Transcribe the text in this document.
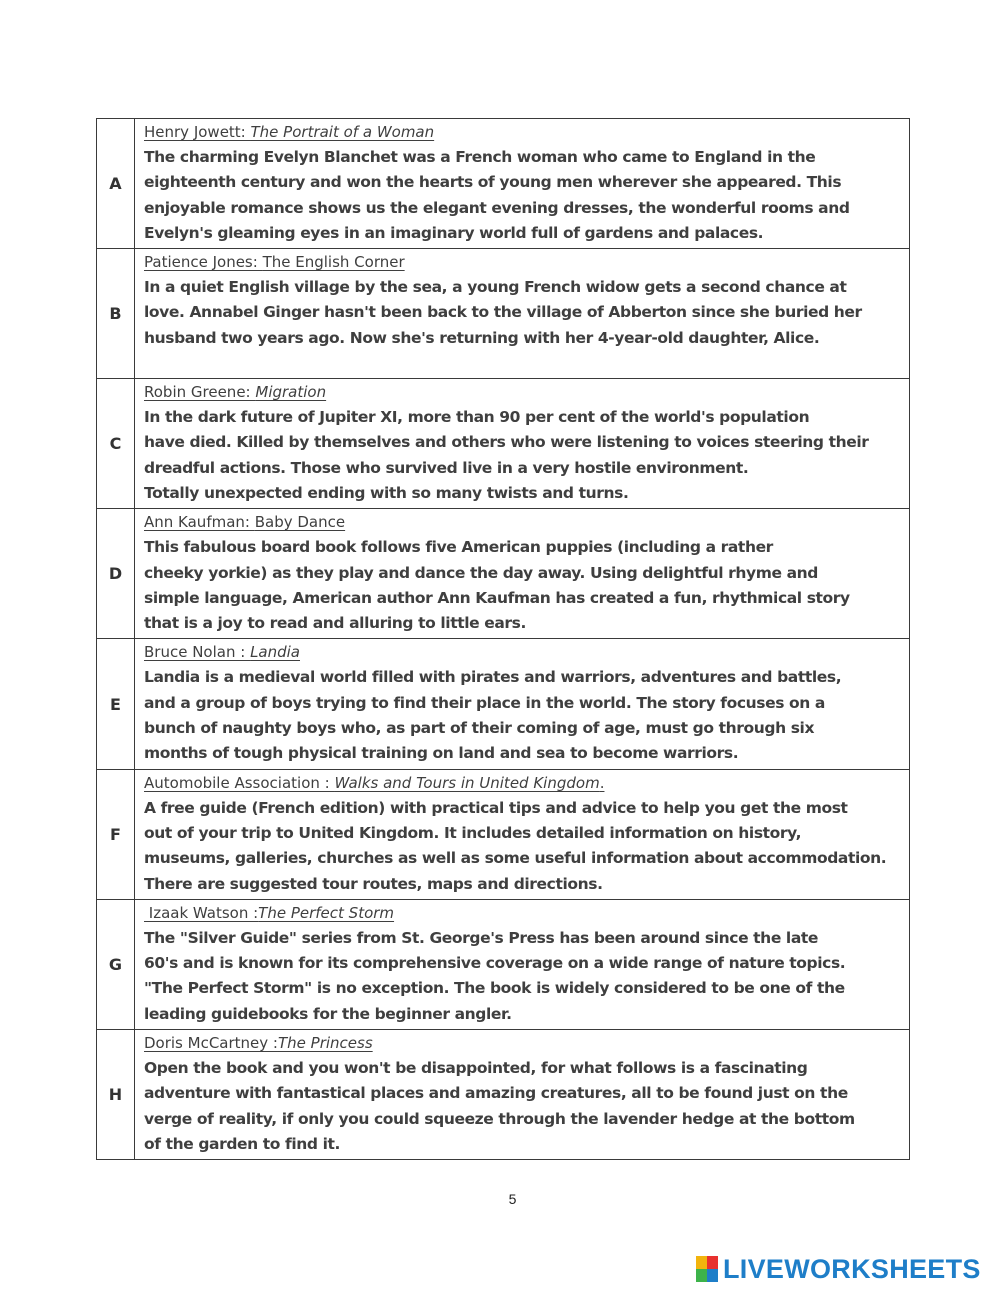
A	Henry Jowett: The Portrait of a Woman
The charming Evelyn Blanchet was a French woman who came to England in the
eighteenth century and won the hearts of young men wherever she appeared. This
enjoyable romance shows us the elegant evening dresses, the wonderful rooms and
Evelyn's gleaming eyes in an imaginary world full of gardens and palaces.

B	Patience Jones: The English Corner
In a quiet English village by the sea, a young French widow gets a second chance at
love. Annabel Ginger hasn't been back to the village of Abberton since she buried her
husband two years ago. Now she's returning with her 4-year-old daughter, Alice.

C	Robin Greene: Migration
In the dark future of Jupiter XI, more than 90 per cent of the world's population
have died. Killed by themselves and others who were listening to voices steering their
dreadful actions. Those who survived live in a very hostile environment.
Totally unexpected ending with so many twists and turns.

D	Ann Kaufman: Baby Dance
This fabulous board book follows five American puppies (including a rather
cheeky yorkie) as they play and dance the day away. Using delightful rhyme and
simple language, American author Ann Kaufman has created a fun, rhythmical story
that is a joy to read and alluring to little ears.

E	Bruce Nolan : Landia
Landia is a medieval world filled with pirates and warriors, adventures and battles,
and a group of boys trying to find their place in the world. The story focuses on a
bunch of naughty boys who, as part of their coming of age, must go through six
months of tough physical training on land and sea to become warriors.

F	Automobile Association : Walks and Tours in United Kingdom.
A free guide (French edition) with practical tips and advice to help you get the most
out of your trip to United Kingdom. It includes detailed information on history,
museums, galleries, churches as well as some useful information about accommodation.
There are suggested tour routes, maps and directions.

G	Izaak Watson :The Perfect Storm
The "Silver Guide" series from St. George's Press has been around since the late
60's and is known for its comprehensive coverage on a wide range of nature topics.
"The Perfect Storm" is no exception. The book is widely considered to be one of the
leading guidebooks for the beginner angler.

H	Doris McCartney :The Princess
Open the book and you won't be disappointed, for what follows is a fascinating
adventure with fantastical places and amazing creatures, all to be found just on the
verge of reality, if only you could squeeze through the lavender hedge at the bottom
of the garden to find it.
5
LIVEWORKSHEETS
